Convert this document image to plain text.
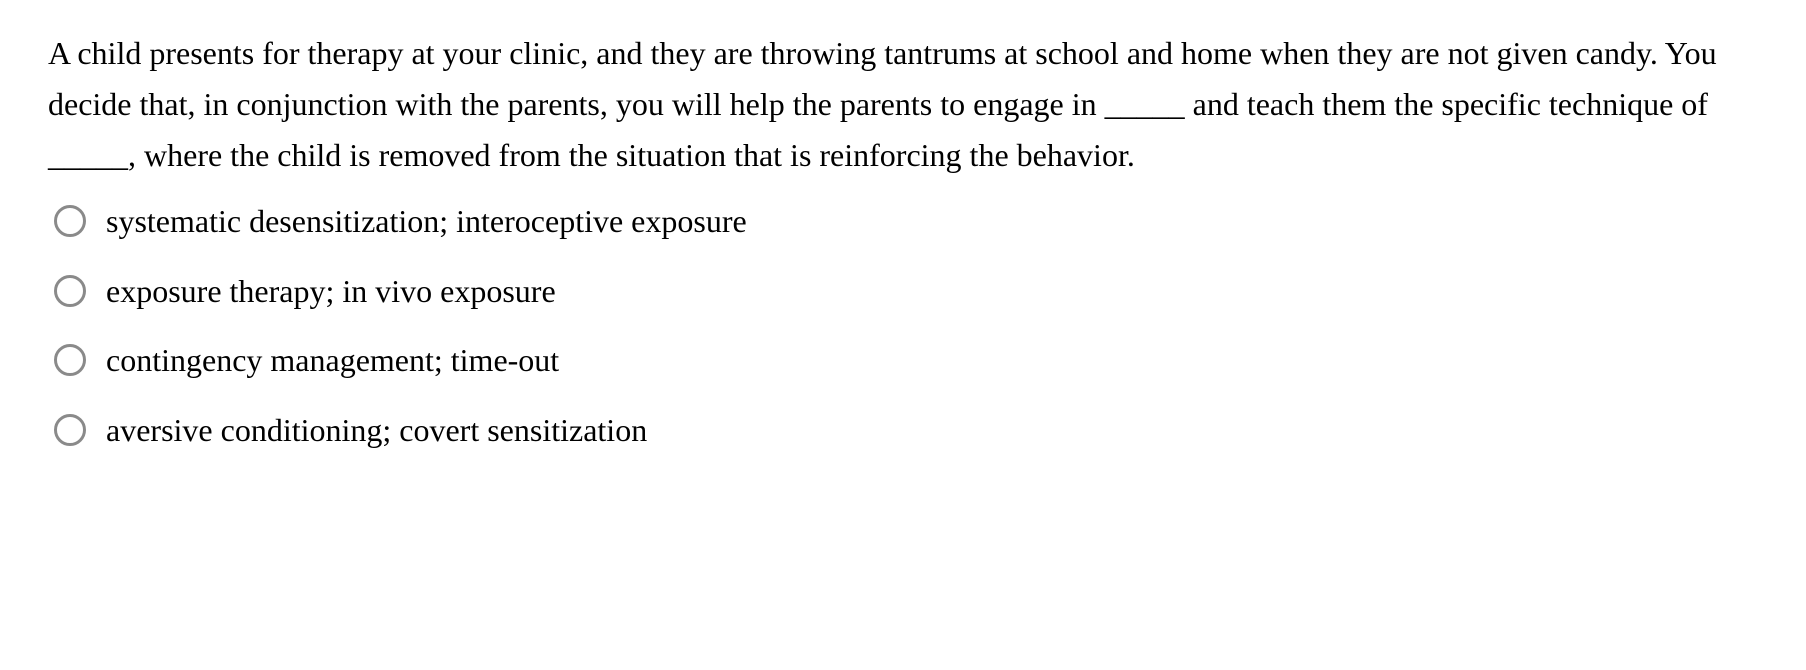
A child presents for therapy at your clinic, and they are throwing tantrums at school and home when they are not given candy. You decide that, in conjunction with the parents, you will help the parents to engage in _____ and teach them the specific technique of _____, where the child is removed from the situation that is reinforcing the behavior.

systematic desensitization; interoceptive exposure
exposure therapy; in vivo exposure
contingency management; time-out
aversive conditioning; covert sensitization
